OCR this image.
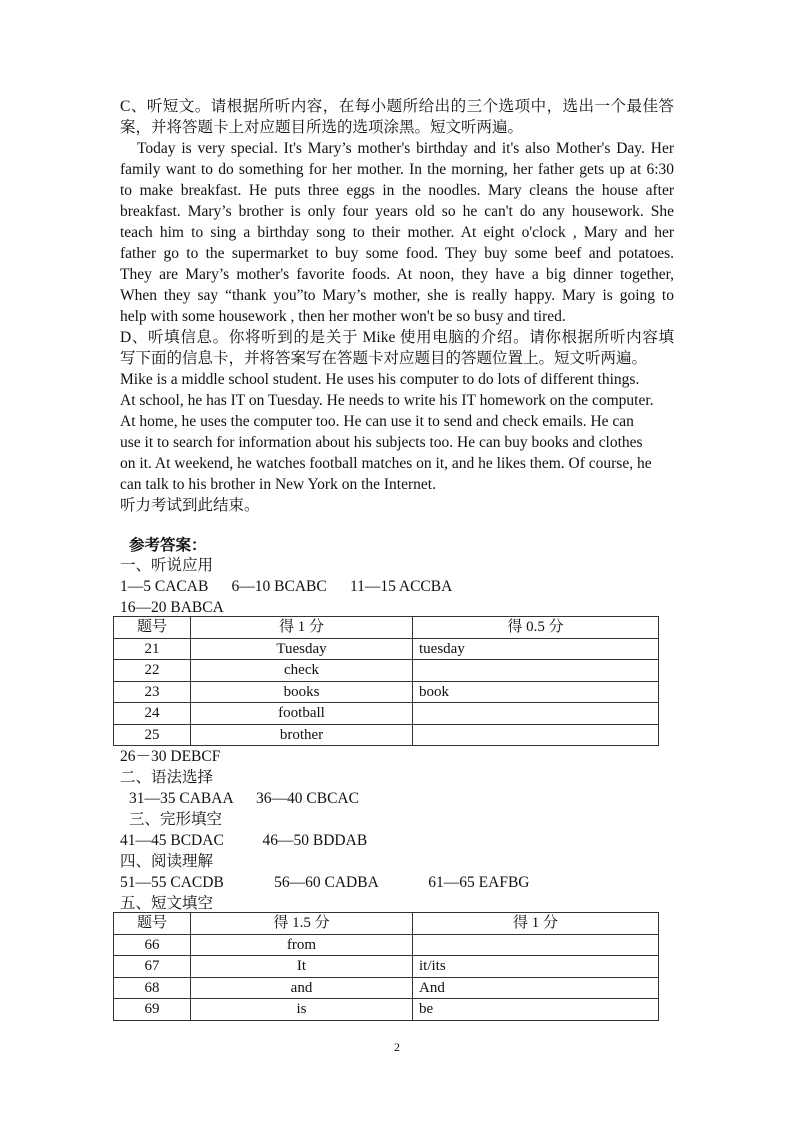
C、听短文。请根据所听内容，在每小题所给出的三个选项中，选出一个最佳答
案，并将答题卡上对应题目所选的选项涂黑。短文听两遍。
Today is very special. It's Mary’s mother's birthday and it's also Mother's Day. Her
family want to do something for her mother. In the morning, her father gets up at 6:30
to make breakfast. He puts three eggs in the noodles. Mary cleans the house after
breakfast. Mary’s brother is only four years old so he can't do any housework. She
teach him to sing a birthday song to their mother. At eight o'clock , Mary and her
father go to the supermarket to buy some food. They buy some beef and potatoes.
They are Mary’s mother's favorite foods. At noon, they have a big dinner together,
When they say “thank you”to Mary’s mother, she is really happy. Mary is going to
help with some housework , then her mother won't be so busy and tired.
D、听填信息。你将听到的是关于 Mike 使用电脑的介绍。请你根据所听内容填
写下面的信息卡，并将答案写在答题卡对应题目的答题位置上。短文听两遍。
Mike is a middle school student. He uses his computer to do lots of different things.
At school, he has IT on Tuesday. He needs to write his IT homework on the computer.
At home, he uses the computer too. He can use it to send and check emails. He can
use it to search for information about his subjects too. He can buy books and clothes
on it. At weekend, he watches football matches on it, and he likes them. Of course, he
can talk to his brother in New York on the Internet.
听力考试到此结束。
参考答案：
一、听说应用
1—5 CACAB      6—10 BCABC      11—15 ACCBA
16—20 BABCA
题号	得 1 分	得 0.5 分
21	Tuesday	tuesday
22	check	
23	books	book
24	football	
25	brother	
26－30 DEBCF
二、语法选择
31—35 CABAA      36—40 CBCAC
三、完形填空
41—45 BCDAC          46—50 BDDAB
四、阅读理解
51—55 CACDB             56—60 CADBA             61—65 EAFBG
五、短文填空
题号	得 1.5 分	得 1 分
66	from	
67	It	it/its
68	and	And
69	is	be
2
